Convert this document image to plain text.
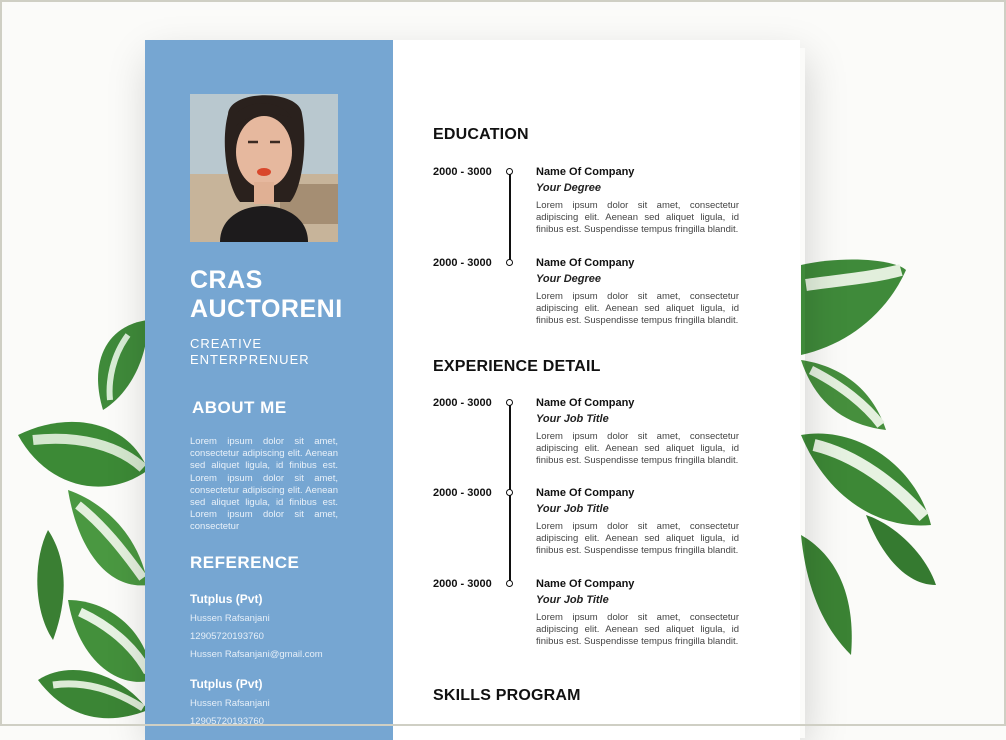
CRAS
AUCTORENI
CREATIVE
ENTERPRENUER
ABOUT ME
Lorem ipsum dolor sit amet, consectetur adipiscing elit. Aenean sed aliquet ligula, id finibus est. Lorem ipsum dolor sit amet, consectetur adipiscing elit. Aenean sed aliquet ligula, id finibus est. Lorem ipsum dolor sit amet, consectetur
REFERENCE
Tutplus (Pvt)
Hussen Rafsanjani
12905720193760
Hussen Rafsanjani@gmail.com
Tutplus (Pvt)
Hussen Rafsanjani
12905720193760
EDUCATION
2000 - 3000	Name Of Company
Your Degree
Lorem ipsum dolor sit amet, consectetur adipiscing elit. Aenean sed aliquet ligula, id finibus est. Suspendisse tempus fringilla blandit.
2000 - 3000	Name Of Company
Your Degree
Lorem ipsum dolor sit amet, consectetur adipiscing elit. Aenean sed aliquet ligula, id finibus est. Suspendisse tempus fringilla blandit.
EXPERIENCE DETAIL
2000 - 3000	Name Of Company
Your Job Title
Lorem ipsum dolor sit amet, consectetur adipiscing elit. Aenean sed aliquet ligula, id finibus est. Suspendisse tempus fringilla blandit.
2000 - 3000	Name Of Company
Your Job Title
Lorem ipsum dolor sit amet, consectetur adipiscing elit. Aenean sed aliquet ligula, id finibus est. Suspendisse tempus fringilla blandit.
2000 - 3000	Name Of Company
Your Job Title
Lorem ipsum dolor sit amet, consectetur adipiscing elit. Aenean sed aliquet ligula, id finibus est. Suspendisse tempus fringilla blandit.
SKILLS PROGRAM
